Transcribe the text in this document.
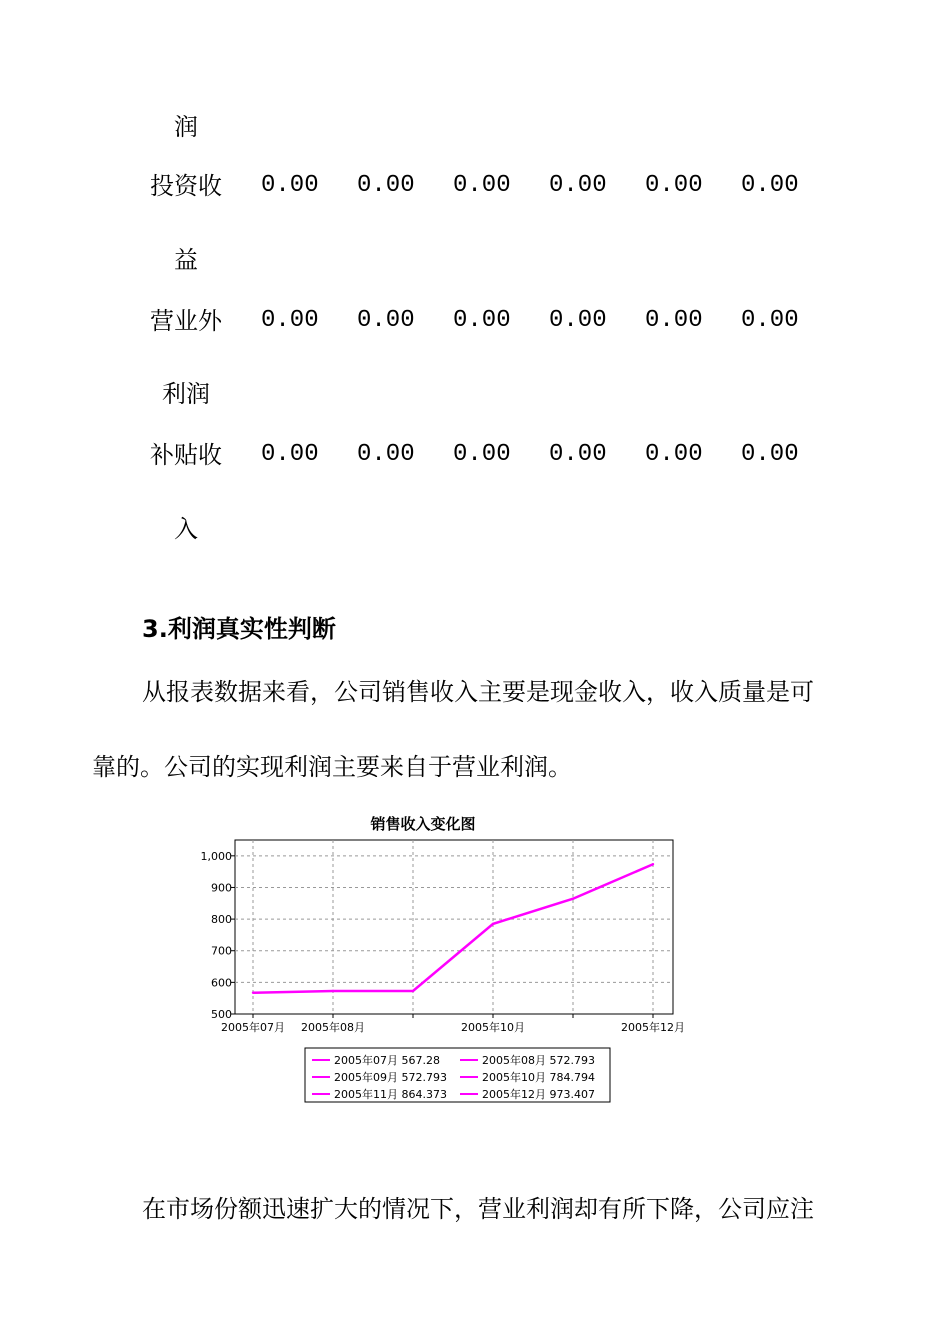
润
投资收
益
0.00 0.00 0.00 0.00 0.00 0.00
营业外
利润
0.00 0.00 0.00 0.00 0.00 0.00
补贴收
入
0.00 0.00 0.00 0.00 0.00 0.00
3.利润真实性判断
从报表数据来看，公司销售收入主要是现金收入，收入质量是可
靠的。公司的实现利润主要来自于营业利润。
销售收入变化图
500
600
700
800
900
1,000
2005年07月 2005年08月	2005年10月	2005年12月
2005年07月 567.28	2005年08月 572.793
2005年09月 572.793	2005年10月 784.794
2005年11月 864.373	2005年12月 973.407
在市场份额迅速扩大的情况下，营业利润却有所下降，公司应注
